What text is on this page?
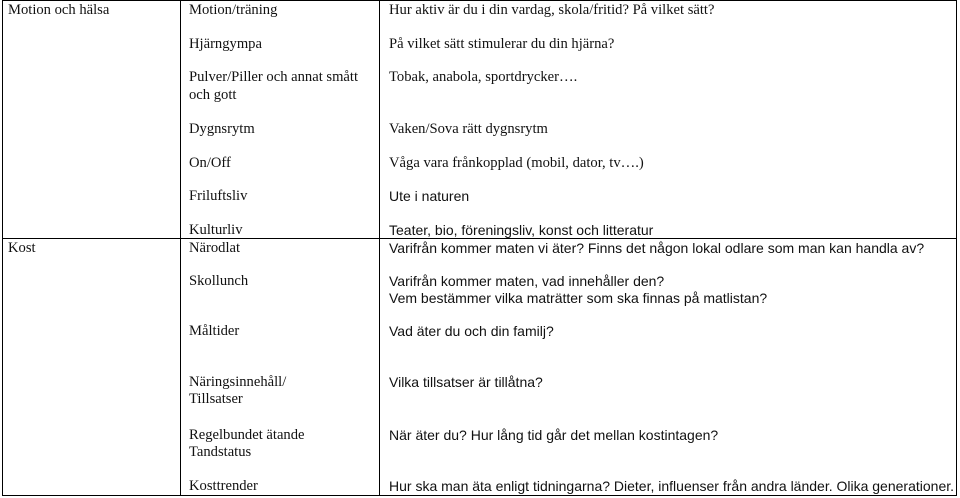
Motion och hälsa	Motion/träning
Hjärngympa
Pulver/Piller och annat smått
och gott
Dygnsrytm
On/Off
Friluftsliv
Kulturliv
Hur aktiv är du i din vardag, skola/fritid? På vilket sätt?
På vilket sätt stimulerar du din hjärna?
Tobak, anabola, sportdrycker….
Vaken/Sova rätt dygnsrytm
Våga vara frånkopplad (mobil, dator, tv….)
Ute i naturen
Teater, bio, föreningsliv, konst och litteratur
Kost	Närodlat
Skollunch
Måltider
Näringsinnehåll/
Tillsatser
Regelbundet ätande
Tandstatus
Kosttrender
Varifrån kommer maten vi äter? Finns det någon lokal odlare som man kan handla av?
Varifrån kommer maten, vad innehåller den?
Vem bestämmer vilka maträtter som ska finnas på matlistan?
Vad äter du och din familj?
Vilka tillsatser är tillåtna?
När äter du? Hur lång tid går det mellan kostintagen?
Hur ska man äta enligt tidningarna? Dieter, influenser från andra länder. Olika generationer.
